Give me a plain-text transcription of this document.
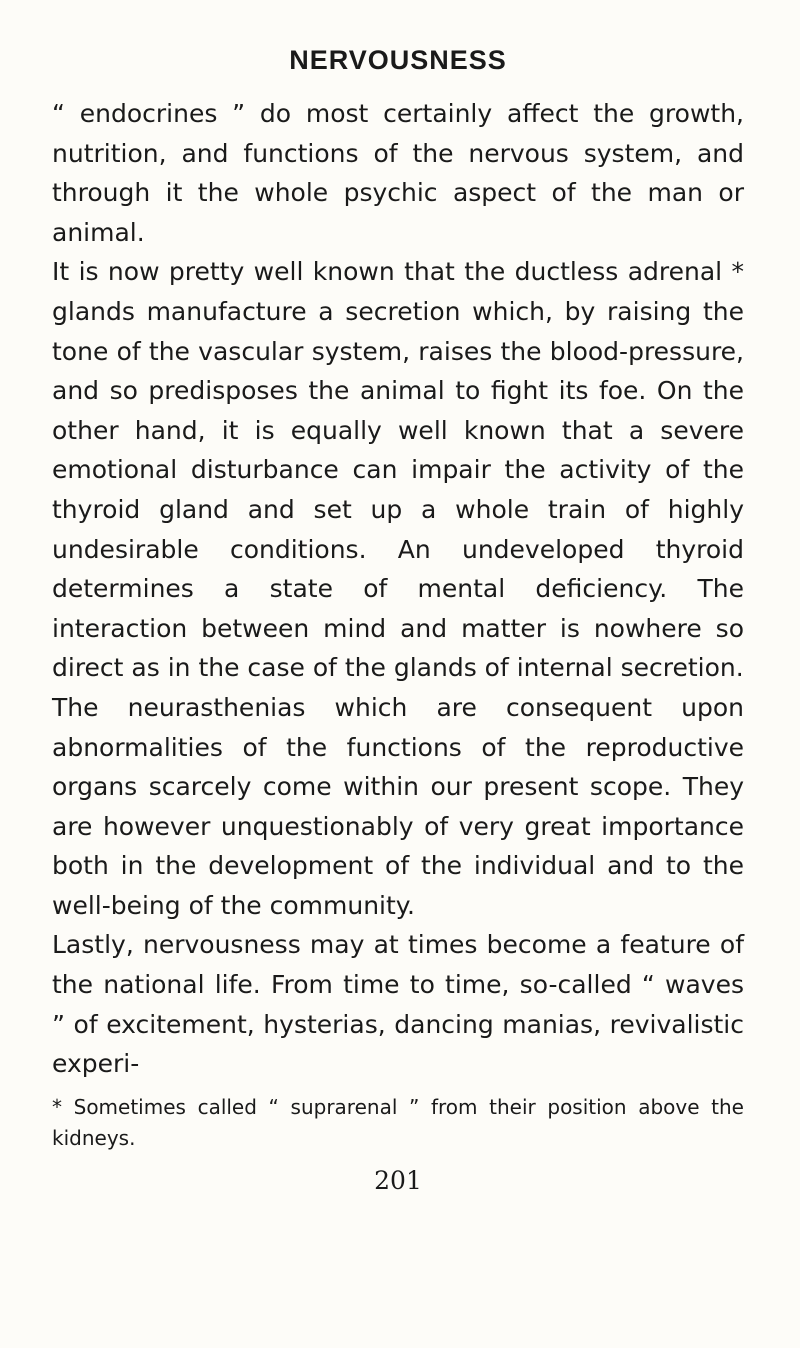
NERVOUSNESS

“ endocrines ” do most certainly affect the growth, nutrition, and functions of the nervous system, and through it the whole psychic aspect of the man or animal.

It is now pretty well known that the ductless adrenal * glands manufacture a secretion which, by raising the tone of the vascular system, raises the blood-pressure, and so predisposes the animal to fight its foe. On the other hand, it is equally well known that a severe emotional disturbance can impair the activity of the thyroid gland and set up a whole train of highly undesirable conditions. An undeveloped thyroid determines a state of mental deficiency. The interaction between mind and matter is nowhere so direct as in the case of the glands of internal secretion.

The neurasthenias which are consequent upon abnormalities of the functions of the reproductive organs scarcely come within our present scope. They are however unquestionably of very great importance both in the development of the individual and to the well-being of the community.

Lastly, nervousness may at times become a feature of the national life. From time to time, so-called “ waves ” of excitement, hysterias, dancing manias, revivalistic experi-

* Sometimes called “ suprarenal ” from their position above the kidneys.
201
